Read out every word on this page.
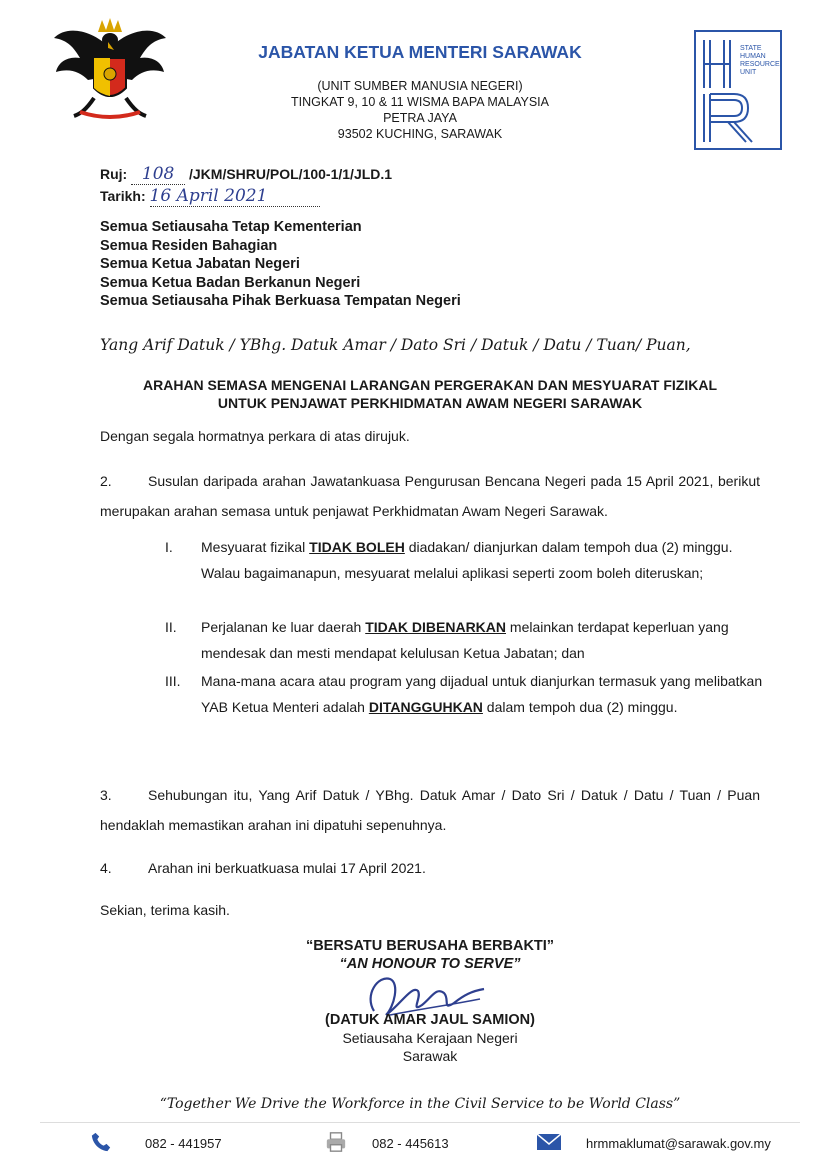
JABATAN KETUA MENTERI SARAWAK
(UNIT SUMBER MANUSIA NEGERI)
TINGKAT 9, 10 & 11 WISMA BAPA MALAYSIA
PETRA JAYA
93502 KUCHING, SARAWAK
STATE
HUMAN
RESOURCE
UNIT
Ruj: 108 /JKM/SHRU/POL/100-1/1/JLD.1
Tarikh: 16 April 2021
Semua Setiausaha Tetap Kementerian
Semua Residen Bahagian
Semua Ketua Jabatan Negeri
Semua Ketua Badan Berkanun Negeri
Semua Setiausaha Pihak Berkuasa Tempatan Negeri
Yang Arif Datuk / YBhg. Datuk Amar / Dato Sri / Datuk / Datu / Tuan/ Puan,
ARAHAN SEMASA MENGENAI LARANGAN PERGERAKAN DAN MESYUARAT FIZIKAL
UNTUK PENJAWAT PERKHIDMATAN AWAM NEGERI SARAWAK
Dengan segala hormatnya perkara di atas dirujuk.
2.	Susulan daripada arahan Jawatankuasa Pengurusan Bencana Negeri pada 15 April 2021, berikut merupakan arahan semasa untuk penjawat Perkhidmatan Awam Negeri Sarawak.
I.	Mesyuarat fizikal TIDAK BOLEH diadakan/ dianjurkan dalam tempoh dua (2) minggu. Walau bagaimanapun, mesyuarat melalui aplikasi seperti zoom boleh diteruskan;
II.	Perjalanan ke luar daerah TIDAK DIBENARKAN melainkan terdapat keperluan yang mendesak dan mesti mendapat kelulusan Ketua Jabatan; dan
III.	Mana-mana acara atau program yang dijadual untuk dianjurkan termasuk yang melibatkan YAB Ketua Menteri adalah DITANGGUHKAN dalam tempoh dua (2) minggu.
3.	Sehubungan itu, Yang Arif Datuk / YBhg. Datuk Amar / Dato Sri / Datuk / Datu / Tuan / Puan hendaklah memastikan arahan ini dipatuhi sepenuhnya.
4.	Arahan ini berkuatkuasa mulai 17 April 2021.
Sekian, terima kasih.
“BERSATU BERUSAHA BERBAKTI”
“AN HONOUR TO SERVE”
(DATUK AMAR JAUL SAMION)
Setiausaha Kerajaan Negeri
Sarawak
“Together We Drive the Workforce in the Civil Service to be World Class”
082 - 441957	082 - 445613	hrmmaklumat@sarawak.gov.my
